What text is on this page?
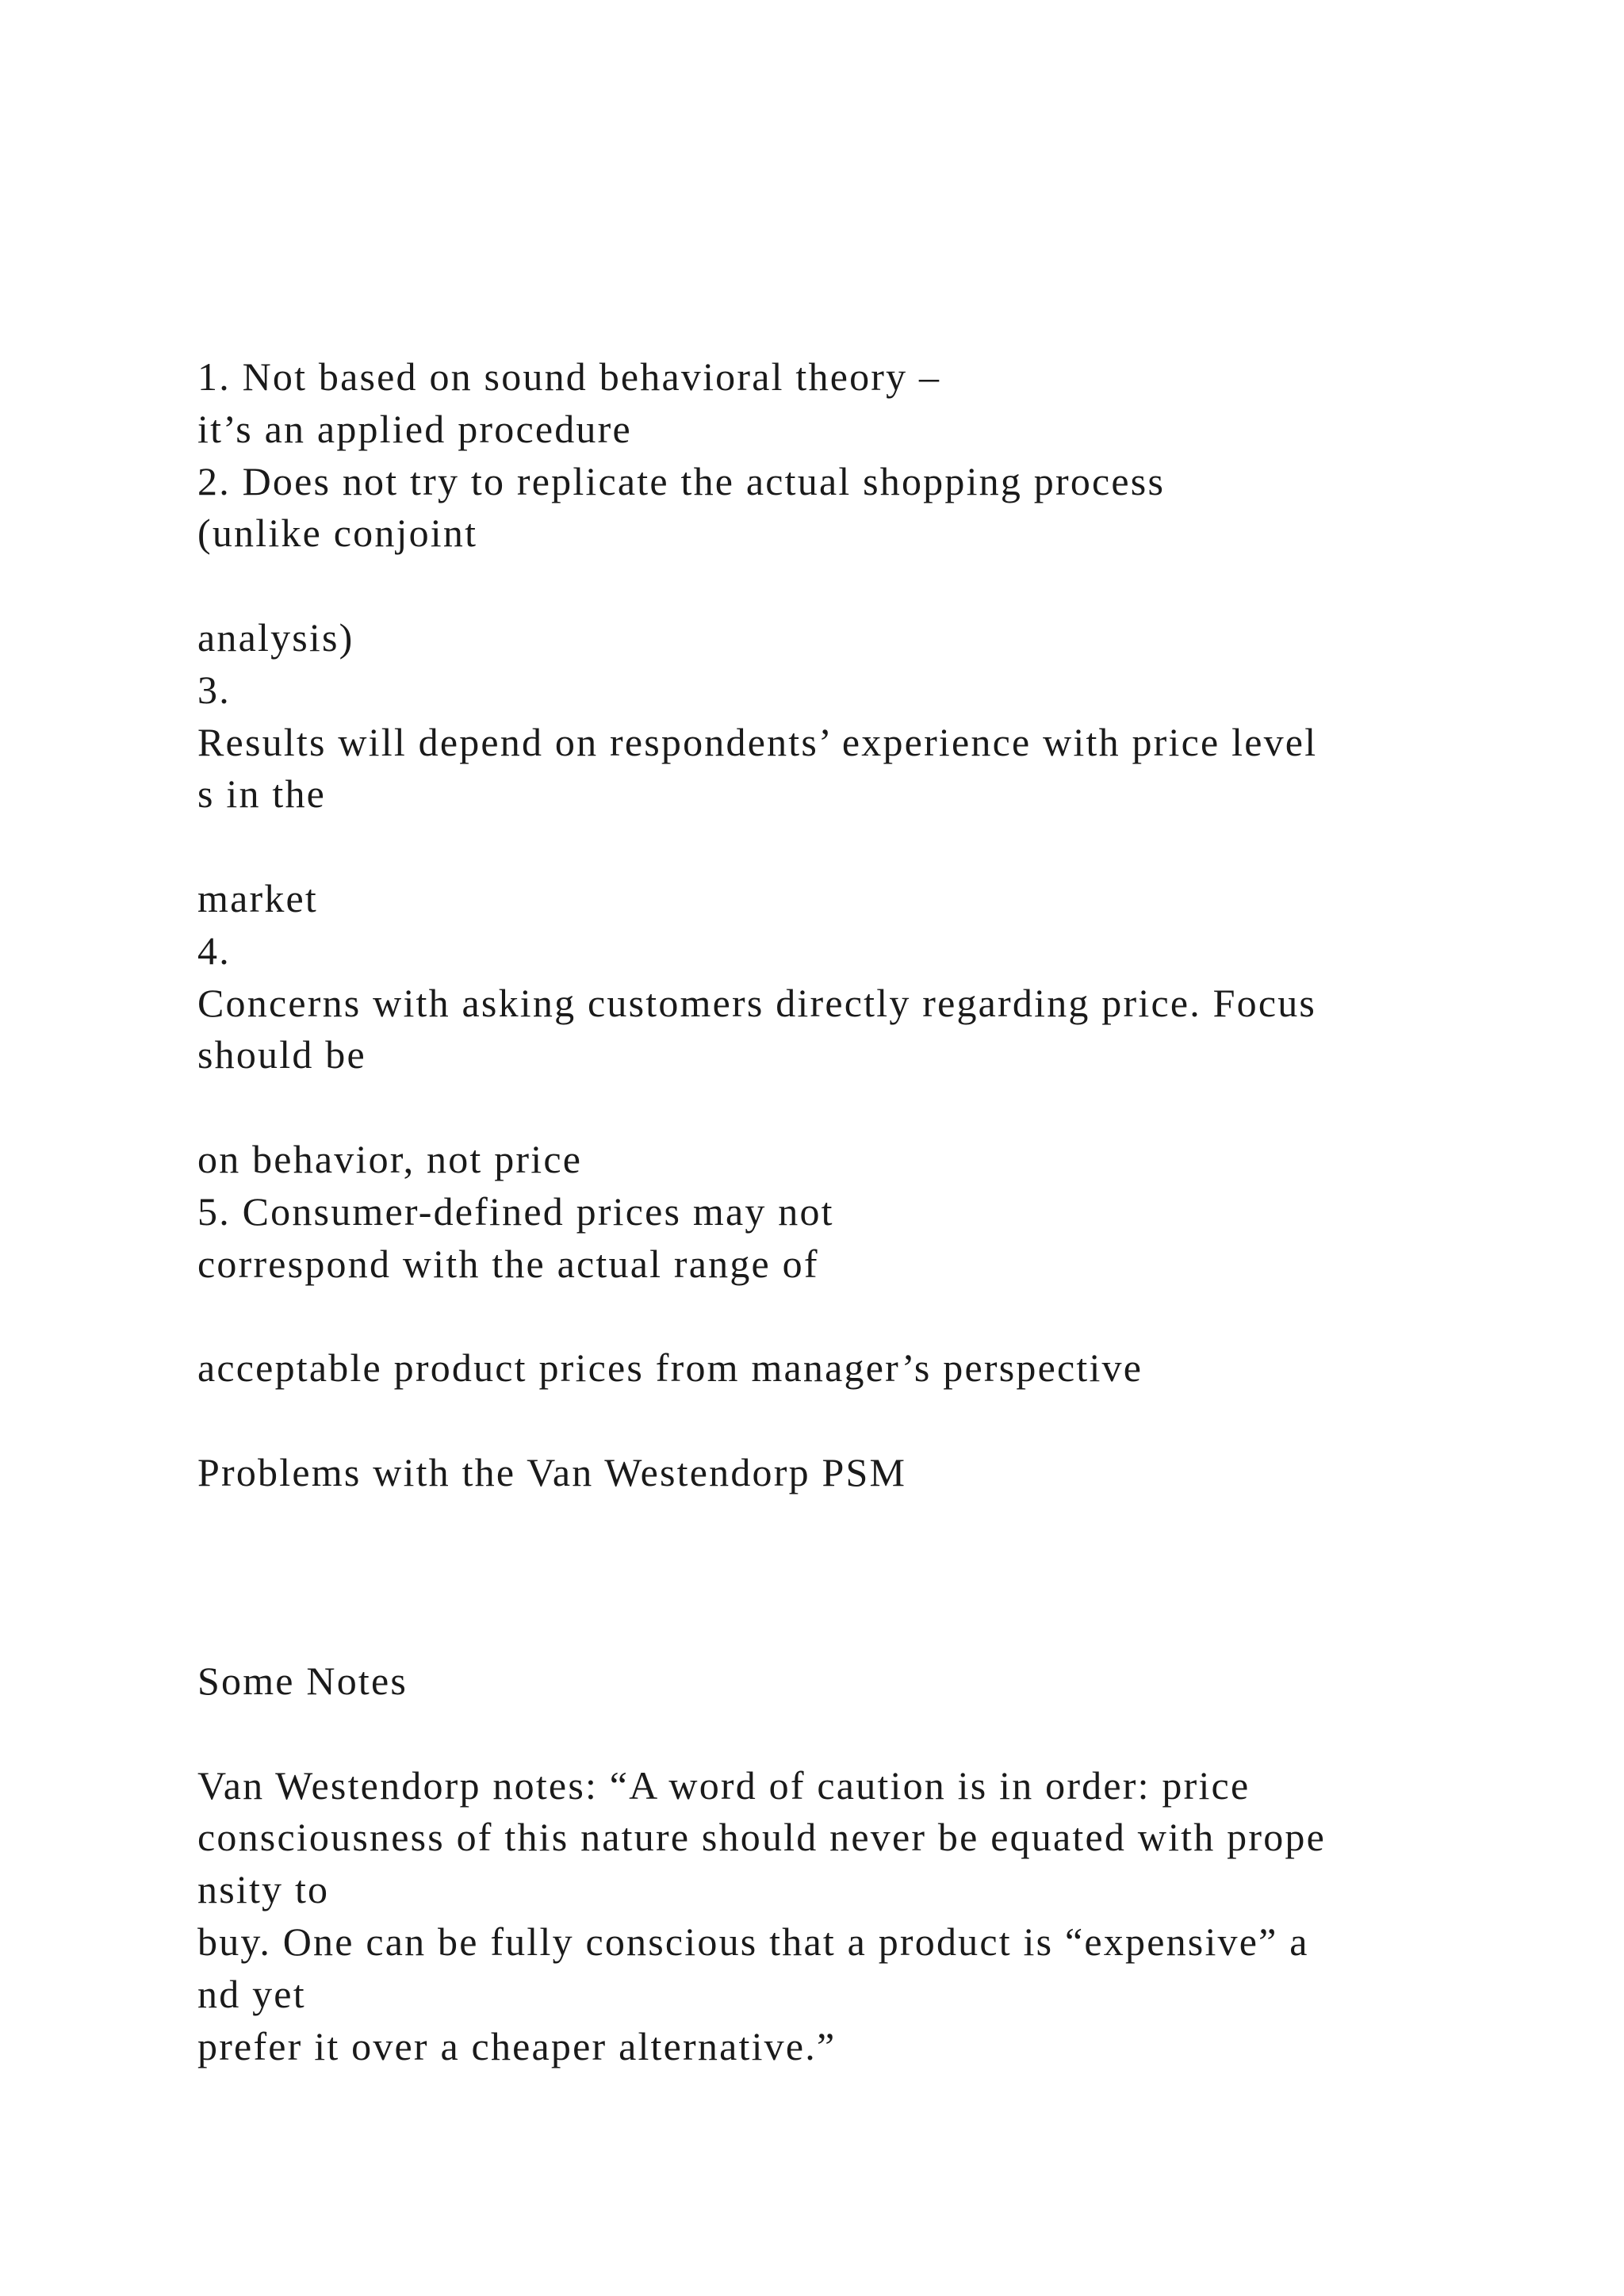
1. Not based on sound behavioral theory –
it’s an applied procedure
2. Does not try to replicate the actual shopping process
(unlike conjoint
analysis)
3.
Results will depend on respondents’ experience with price level
s in the
market
4.
Concerns with asking customers directly regarding price. Focus
should be
on behavior, not price
5. Consumer-defined prices may not
correspond with the actual range of
acceptable product prices from manager’s perspective
Problems with the Van Westendorp PSM
Some Notes
Van Westendorp notes: “A word of caution is in order: price
consciousness of this nature should never be equated with prope
nsity to
buy. One can be fully conscious that a product is “expensive” a
nd yet
prefer it over a cheaper alternative.”
